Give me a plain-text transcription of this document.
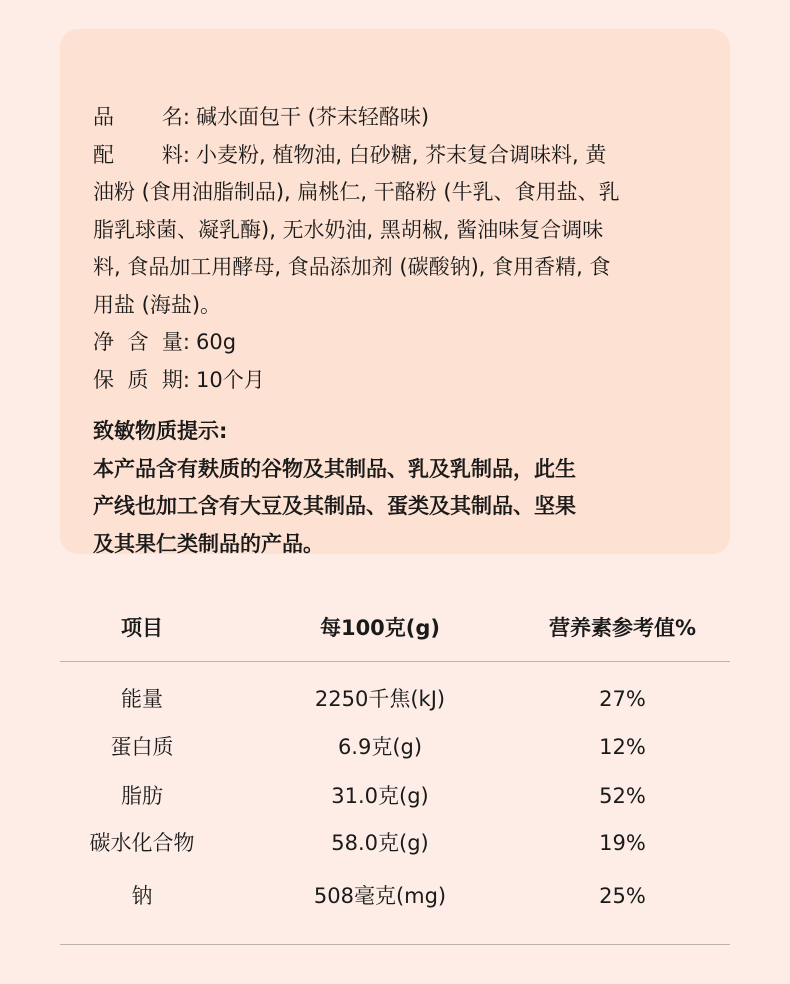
品 名 : 碱水面包干 (芥末轻酪味)
配 料 : 小麦粉, 植物油, 白砂糖, 芥末复合调味料, 黄
油粉 (食用油脂制品), 扁桃仁, 干酪粉 (牛乳、食用盐、乳
脂乳球菌、凝乳酶), 无水奶油, 黑胡椒, 酱油味复合调味
料, 食品加工用酵母, 食品添加剂 (碳酸钠), 食用香精, 食
用盐 (海盐)。
净 含 量 : 60g
保 质 期 : 10个月
致敏物质提示:
本产品含有麸质的谷物及其制品、乳及乳制品，此生
产线也加工含有大豆及其制品、蛋类及其制品、坚果
及其果仁类制品的产品。
项目	每100克(g)	营养素参考值%
能量	2250千焦(kJ)	27%
蛋白质	6.9克(g)	12%
脂肪	31.0克(g)	52%
碳水化合物	58.0克(g)	19%
钠	508毫克(mg)	25%
